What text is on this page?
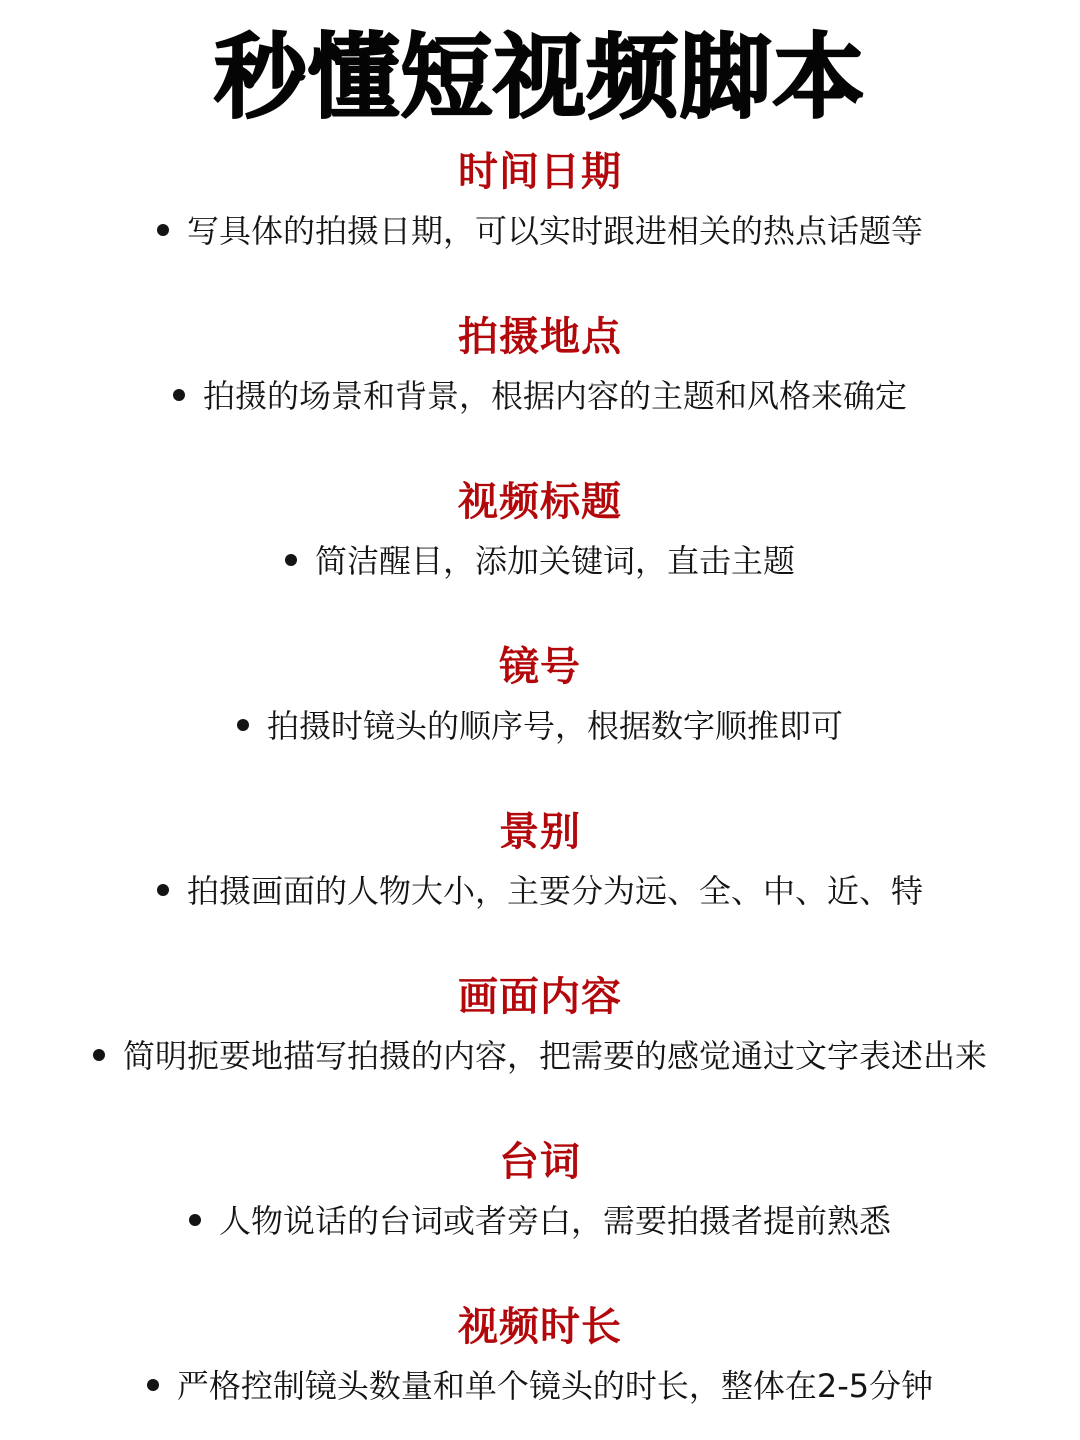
秒懂短视频脚本
时间日期
写具体的拍摄日期，可以实时跟进相关的热点话题等
拍摄地点
拍摄的场景和背景，根据内容的主题和风格来确定
视频标题
简洁醒目，添加关键词，直击主题
镜号
拍摄时镜头的顺序号，根据数字顺推即可
景别
拍摄画面的人物大小，主要分为远、全、中、近、特
画面内容
简明扼要地描写拍摄的内容，把需要的感觉通过文字表述出来
台词
人物说话的台词或者旁白，需要拍摄者提前熟悉
视频时长
严格控制镜头数量和单个镜头的时长，整体在2-5分钟
